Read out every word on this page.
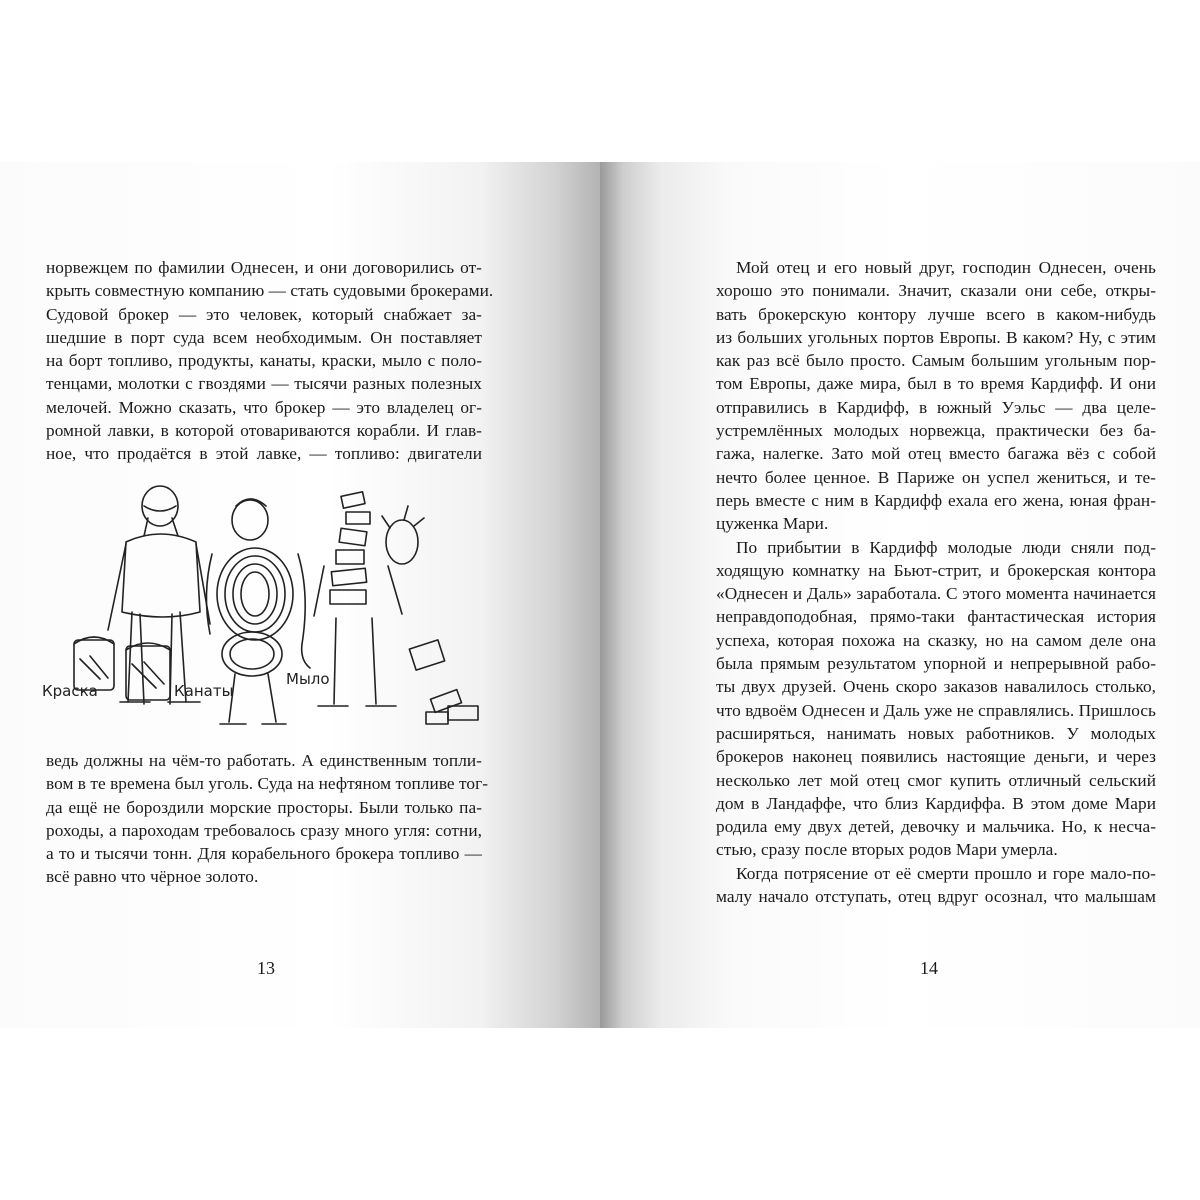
норвежцем по фамилии Однесен, и они договорились от-
крыть совместную компанию — стать судовыми брокерами.
Судовой брокер — это человек, который снабжает за-
шедшие в порт суда всем необходимым. Он поставляет
на борт топливо, продукты, канаты, краски, мыло с поло-
тенцами, молотки с гвоздями — тысячи разных полезных
мелочей. Можно сказать, что брокер — это владелец ог-
ромной лавки, в которой отовариваются корабли. И глав-
ное, что продаётся в этой лавке, — топливо: двигатели
Краска	Канаты
Мыло
ведь должны на чём-то работать. А единственным топли-
вом в те времена был уголь. Суда на нефтяном топливе тог-
да ещё не бороздили морские просторы. Были только па-
роходы, а пароходам требовалось сразу много угля: сотни,
а то и тысячи тонн. Для корабельного брокера топливо —
всё равно что чёрное золото.
13
Мой отец и его новый друг, господин Однесен, очень
хорошо это понимали. Значит, сказали они себе, откры-
вать брокерскую контору лучше всего в каком-нибудь
из больших угольных портов Европы. В каком? Ну, с этим
как раз всё было просто. Самым большим угольным пор-
том Европы, даже мира, был в то время Кардифф. И они
отправились в Кардифф, в южный Уэльс — два целе-
устремлённых молодых норвежца, практически без ба-
гажа, налегке. Зато мой отец вместо багажа вёз с собой
нечто более ценное. В Париже он успел жениться, и те-
перь вместе с ним в Кардифф ехала его жена, юная фран-
цуженка Мари.
По прибытии в Кардифф молодые люди сняли под-
ходящую комнатку на Бьют-стрит, и брокерская контора
«Однесен и Даль» заработала. С этого момента начинается
неправдоподобная, прямо-таки фантастическая история
успеха, которая похожа на сказку, но на самом деле она
была прямым результатом упорной и непрерывной рабо-
ты двух друзей. Очень скоро заказов навалилось столько,
что вдвоём Однесен и Даль уже не справлялись. Пришлось
расширяться, нанимать новых работников. У молодых
брокеров наконец появились настоящие деньги, и через
несколько лет мой отец смог купить отличный сельский
дом в Ландаффе, что близ Кардиффа. В этом доме Мари
родила ему двух детей, девочку и мальчика. Но, к несча-
стью, сразу после вторых родов Мари умерла.
Когда потрясение от её смерти прошло и горе мало-по-
малу начало отступать, отец вдруг осознал, что малышам
14
